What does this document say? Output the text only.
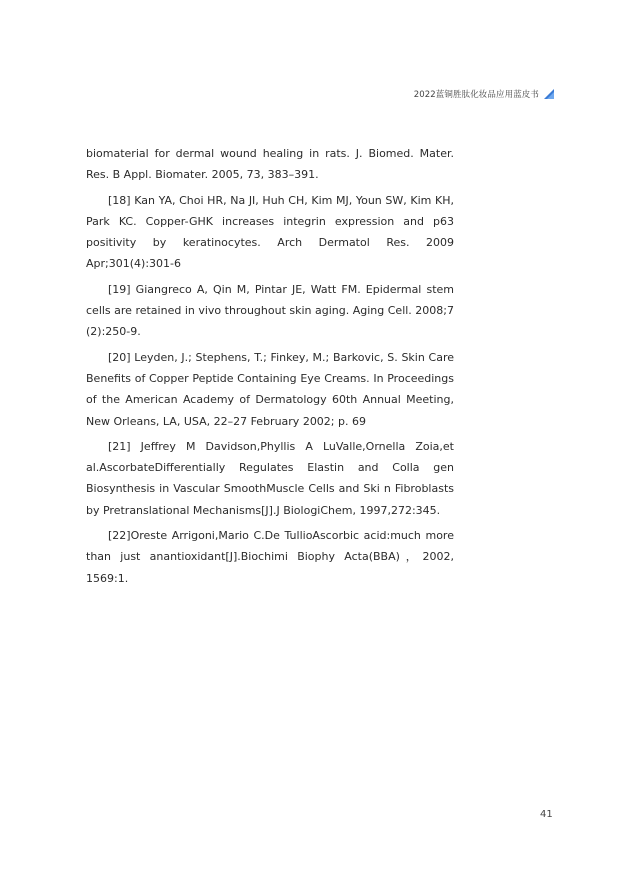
2022蓝铜胜肽化妆品应用蓝皮书

biomaterial for dermal wound healing in rats. J. Biomed. Mater. Res. B Appl. Biomater. 2005, 73, 383–391.

[18] Kan YA, Choi HR, Na JI, Huh CH, Kim MJ, Youn SW, Kim KH, Park KC. Copper-GHK increases integrin expression and p63 positivity by keratinocytes. Arch Dermatol Res. 2009 Apr;301(4):301-6

[19] Giangreco A, Qin M, Pintar JE, Watt FM. Epidermal stem cells are retained in vivo throughout skin aging. Aging Cell. 2008;7 (2):250-9.

[20] Leyden, J.; Stephens, T.; Finkey, M.; Barkovic, S. Skin Care Benefits of Copper Peptide Containing Eye Creams. In Proceedings of the American Academy of Dermatology 60th Annual Meeting, New Orleans, LA, USA, 22–27 February 2002; p. 69

[21] Jeffrey M Davidson,Phyllis A LuValle,Ornella Zoia,et al.AscorbateDifferentially Regulates Elastin and Colla gen Biosynthesis in Vascular SmoothMuscle Cells and Ski n Fibroblasts by Pretranslational Mechanisms[J].J BiologiChem, 1997,272:345.

[22]Oreste Arrigoni,Mario C.De TullioAscorbic acid:much more than just anantioxidant[J].Biochimi Biophy Acta(BBA)，2002, 1569:1.

41
